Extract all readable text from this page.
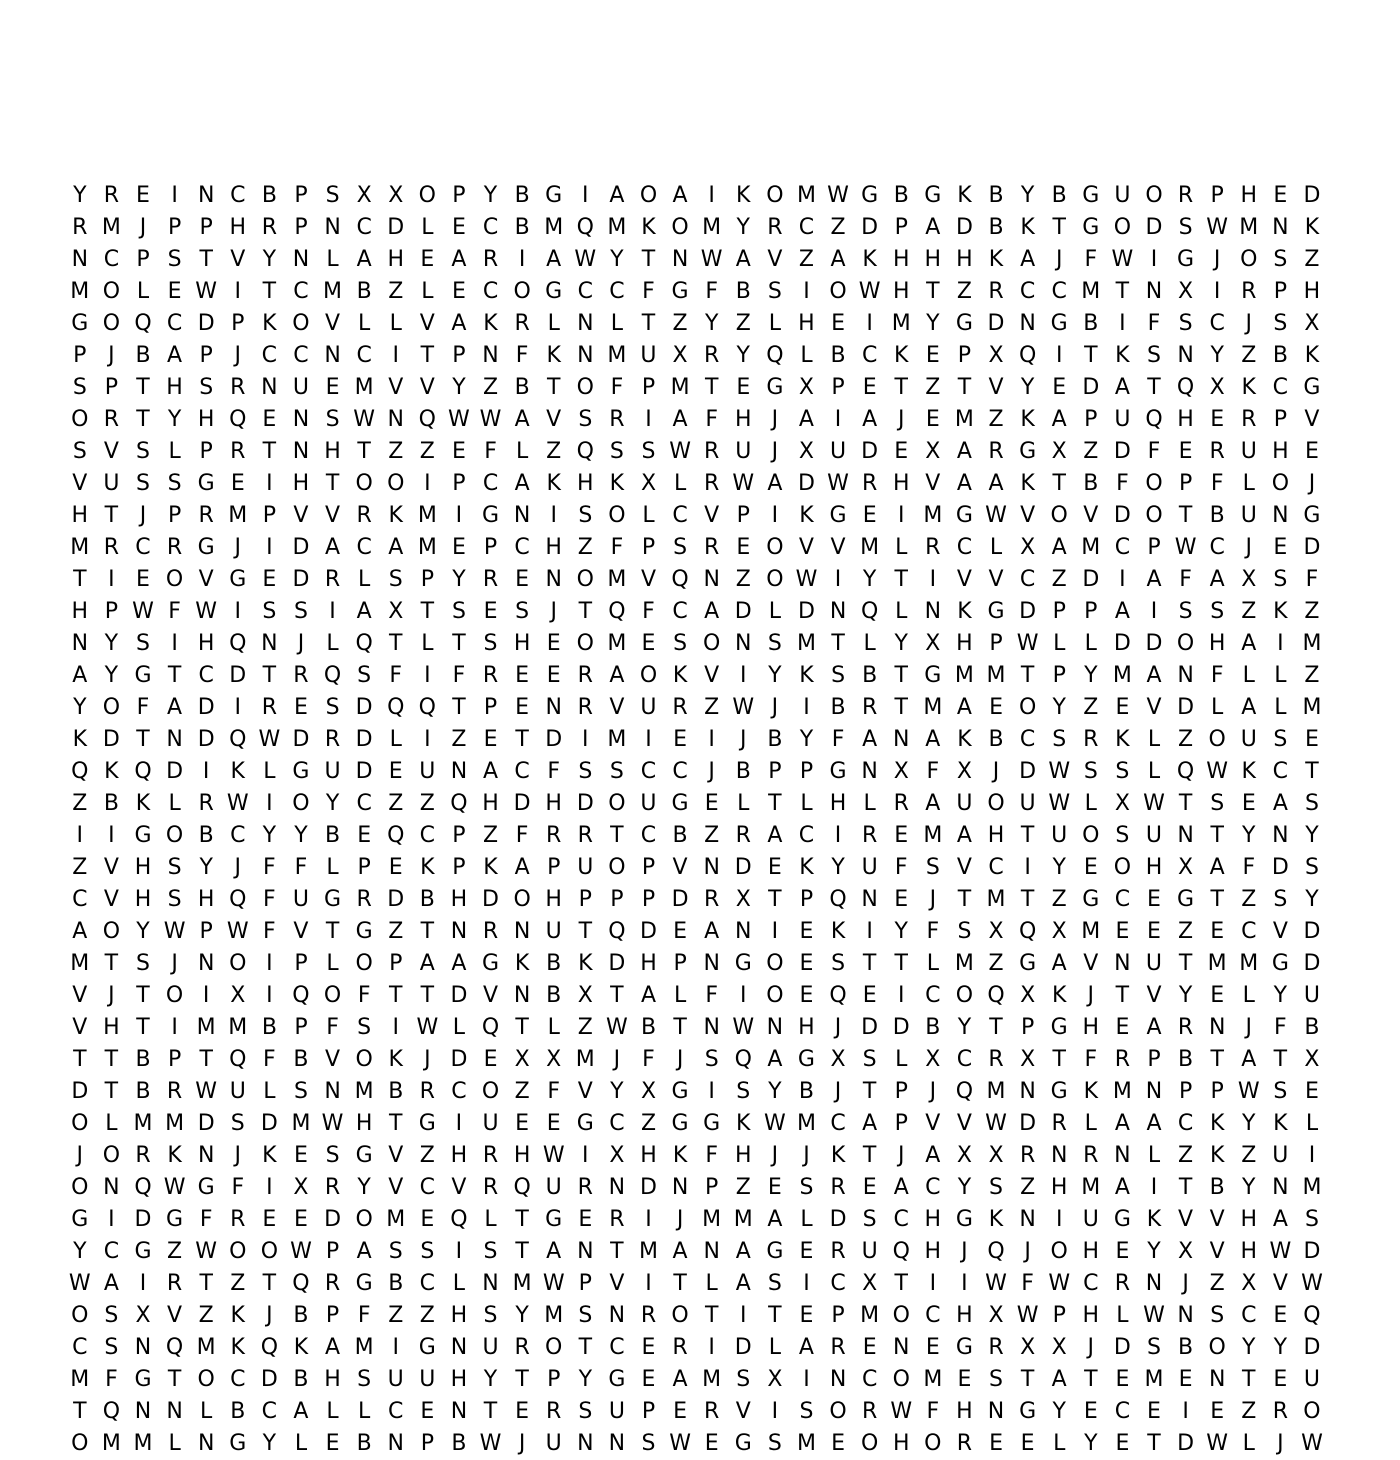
Y R E I N C B P S X X O P Y B G I A O A I K O M W G B G K B Y B G U O R P H E D
R M J P P H R P N C D L E C B M Q M K O M Y R C Z D P A D B K T G O D S W M N K
N C P S T V Y N L A H E A R I A W Y T N W A V Z A K H H H K A J	F W I G J O S Z
M O L E W I T C M B Z L E C O G C C F G F B S I O W H T Z R C C M T N X I R P H
G O Q C D P K O V L L V A K R L N L T Z Y Z L H E I M Y G D N G B I	F S C J S X
P J B A P J C C N C I T P N F K N M U X R Y Q L B C K E P X Q I T K S N Y Z B K
S P T H S R N U E M V V Y Z B T O F P M T E G X P E T Z T V Y E D A T Q X K C G
O R T Y H Q E N S W N Q W W A V S R I A F H J A I A J E M Z K A P U Q H E R P V
S V S L P R T N H T Z Z E F L Z Q S S W R U J X U D E X A R G X Z D F E R U H E
V U S S G E I H T O O I P C A K H K X L R W A D W R H V A A K T B F O P F L O J
H T J P R M P V V R K M I G N I S O L C V P I K G E I M G W V O V D O T B U N G
M R C R G J	I D A C A M E P C H Z F P S R E O V V M L R C L X A M C P W C J E D
T I E O V G E D R L S P Y R E N O M V Q N Z O W I Y T I V V C Z D I A F A X S F
H P W F W I S S I A X T S E S J T Q F C A D L D N Q L N K G D P P A I S S Z K Z
N Y S I H Q N J	L Q T L T S H E O M E S O N S M T L Y X H P W L L D D O H A I M
A Y G T C D T R Q S F	I	F R E E R A O K V I Y K S B T G M M T P Y M A N F L L Z
Y O F A D I R E S D Q Q T P E N R V U R Z W J	I B R T M A E O Y Z E V D L A L M
K D T N D Q W D R D L	I Z E T D I M I E I	J B Y F A N A K B C S R K L Z O U S E
Q K Q D I K L G U D E U N A C F S S C C J B P P G N X F X J D W S S L Q W K C T
Z B K L R W I O Y C Z Z Q H D H D O U G E L T L H L R A U O U W L X W T S E A S
I	I G O B C Y Y B E Q C P Z F R R T C B Z R A C I R E M A H T U O S U N T Y N Y
Z V H S Y J	F F L P E K P K A P U O P V N D E K Y U F S V C I Y E O H X A F D S
C V H S H Q F U G R D B H D O H P P P D R X T P Q N E J T M T Z G C E G T Z S Y
A O Y W P W F V T G Z T N R N U T Q D E A N I E K I Y F S X Q X M E E Z E C V D
M T S J N O I P L O P A A G K B K D H P N G O E S T T L M Z G A V N U T M M G D
V J T O I X I Q O F T T D V N B X T A L F	I O E Q E I C O Q X K J T V Y E L Y U
V H T I M M B P F S I W L Q T L Z W B T N W N H J D D B Y T P G H E A R N J	F B
T T B P T Q F B V O K J D E X X M J	F	J S Q A G X S L X C R X T F R P B T A T X
D T B R W U L S N M B R C O Z F V Y X G I S Y B J T P J Q M N G K M N P P W S E
O L M M D S D M W H T G I U E E G C Z G G K W M C A P V V W D R L A A C K Y K L
J O R K N J K E S G V Z H R H W I X H K F H J	J K T J A X X R N R N L Z K Z U I
O N Q W G F	I X R Y V C V R Q U R N D N P Z E S R E A C Y S Z H M A I T B Y N M
G I D G F R E E D O M E Q L T G E R I	J M M A L D S C H G K N I U G K V V H A S
Y C G Z W O O W P A S S I S T A N T M A N A G E R U Q H J Q J O H E Y X V H W D
W A I R T Z T Q R G B C L N M W P V I T L A S I C X T I	I W F W C R N J Z X V W
O S X V Z K J B P F Z Z H S Y M S N R O T I T E P M O C H X W P H L W N S C E Q
C S N Q M K Q K A M I G N U R O T C E R I D L A R E N E G R X X J D S B O Y Y D
M F G T O C D B H S U U H Y T P Y G E A M S X I N C O M E S T A T E M E N T E U
T Q N N L B C A L L C E N T E R S U P E R V I S O R W F H N G Y E C E I E Z R O
O M M L N G Y L E B N P B W J U N N S W E G S M E O H O R E E L Y E T D W L	J W
